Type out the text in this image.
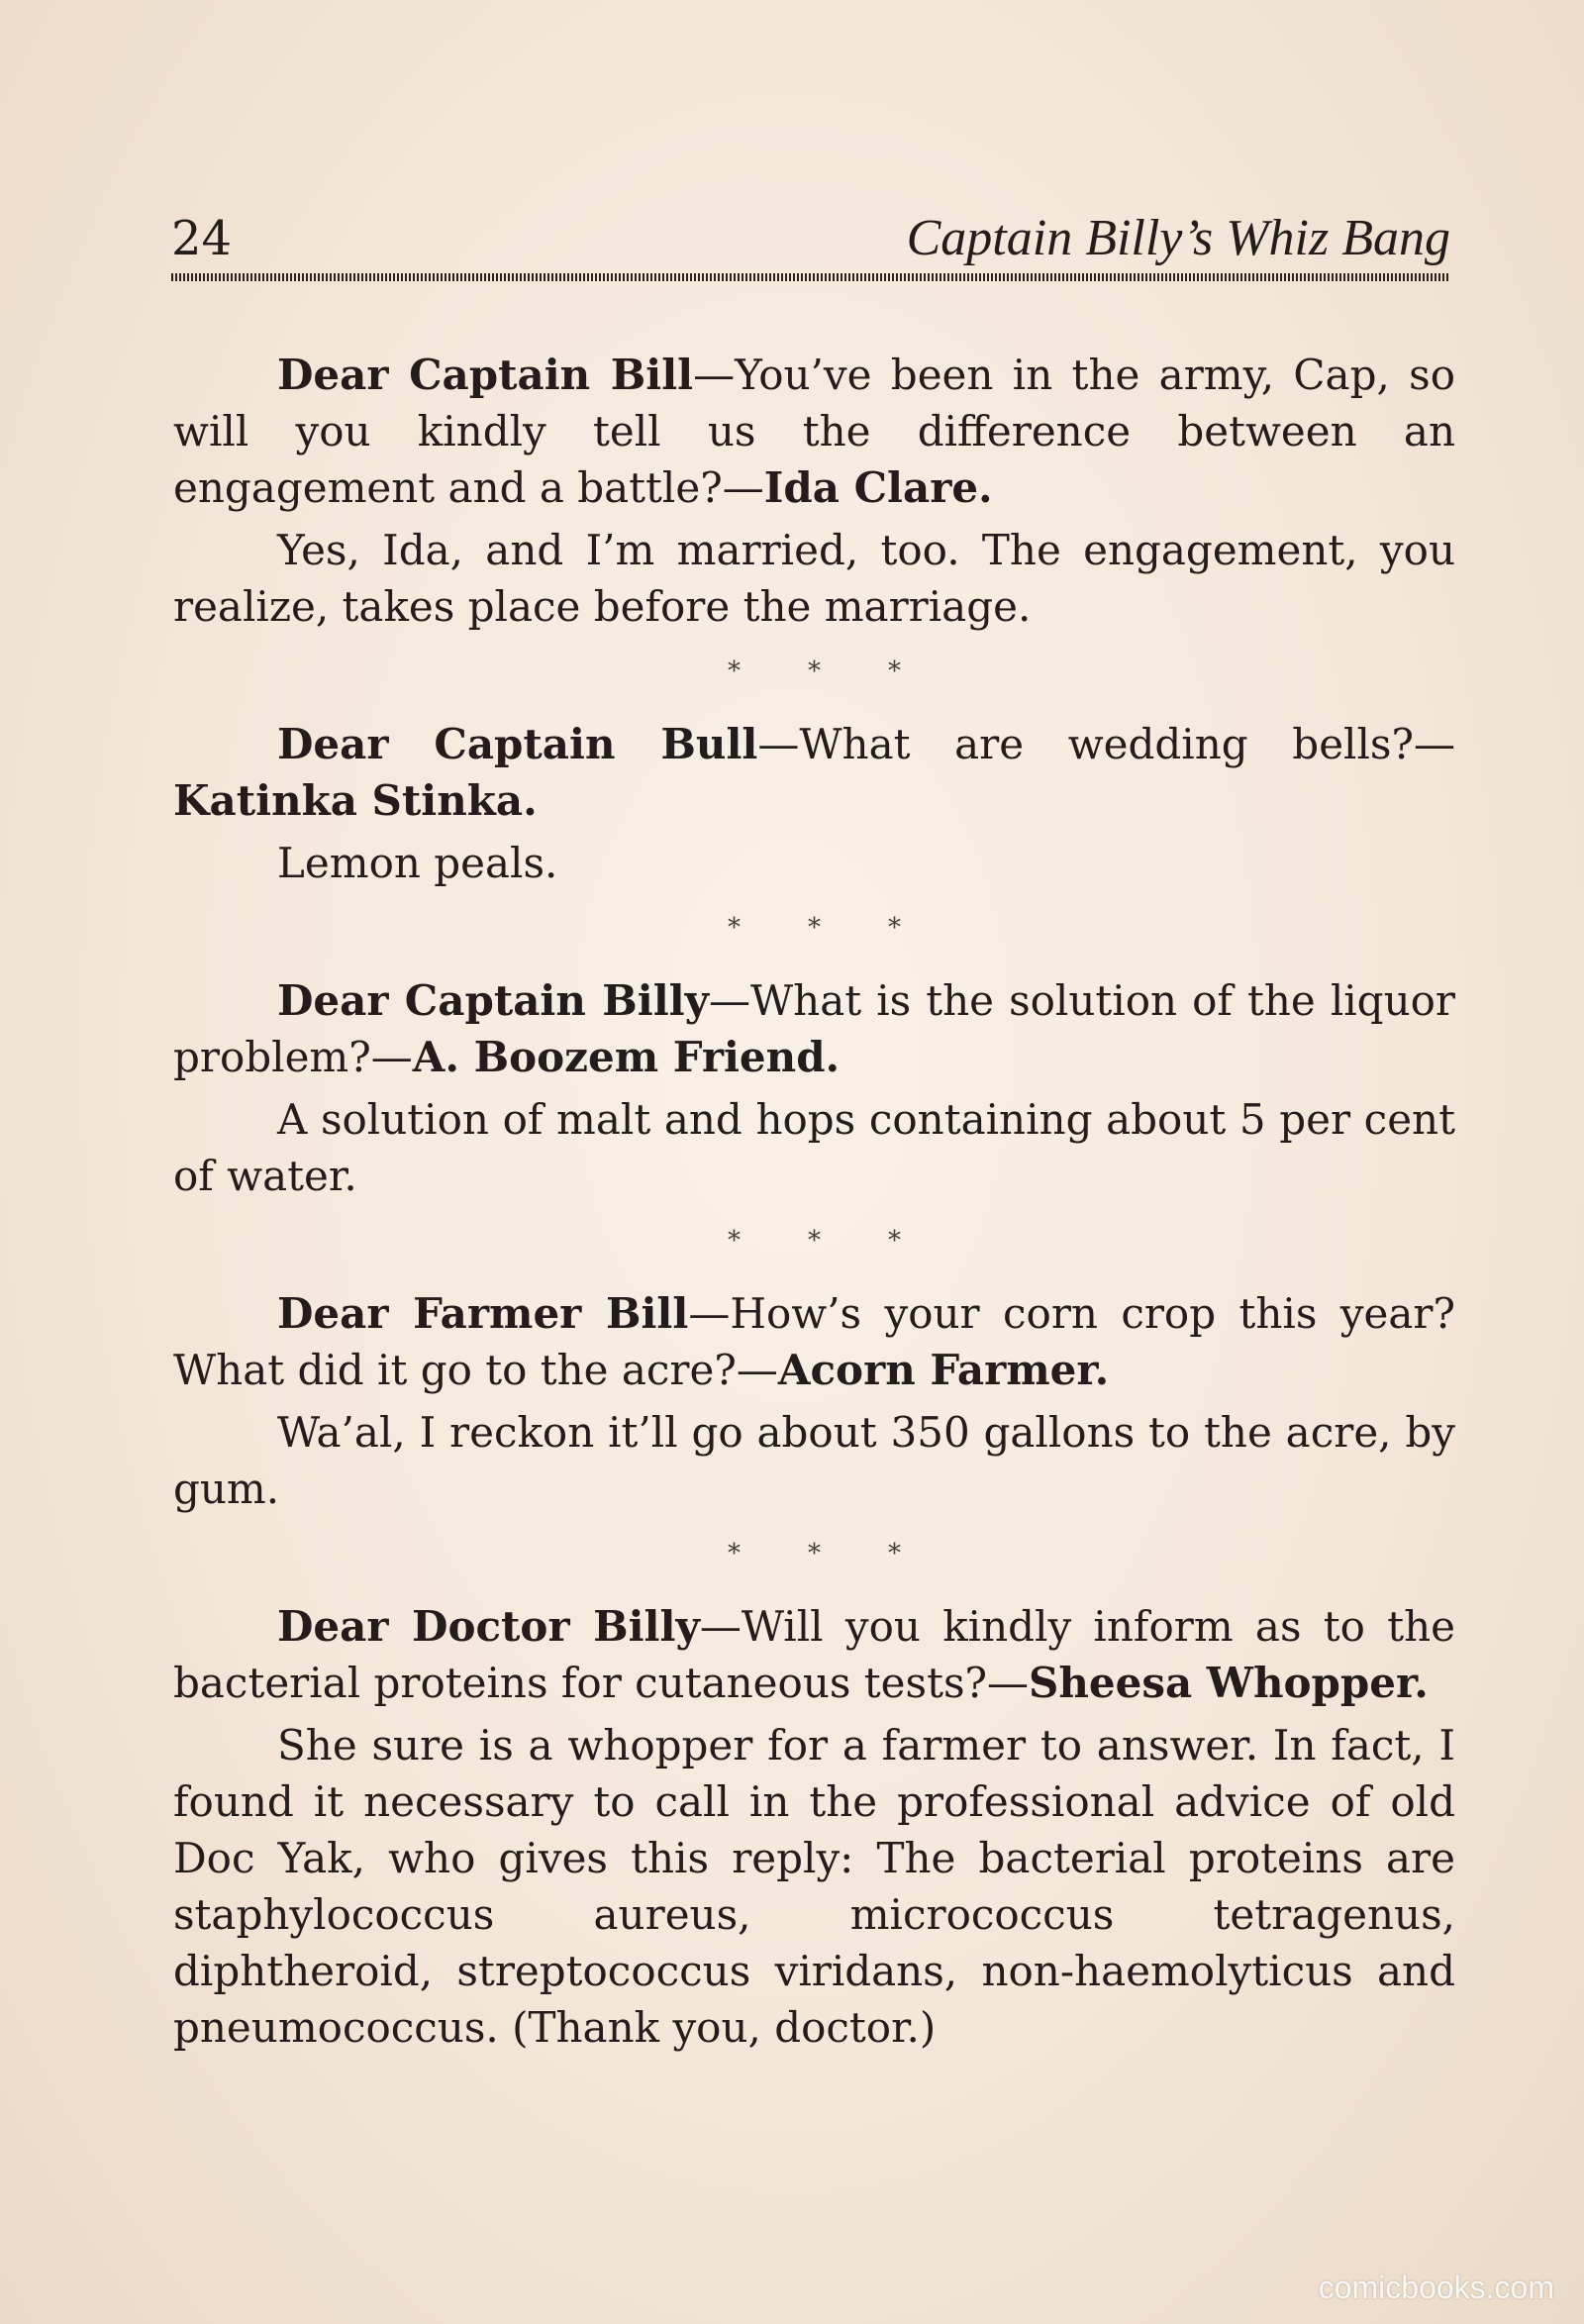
24	Captain Billy’s Whiz Bang

Dear Captain Bill—You’ve been in the army, Cap, so will you kindly tell us the difference between an engagement and a battle?—Ida Clare.

Yes, Ida, and I’m married, too. The engagement, you realize, takes place before the marriage.

*	*	*

Dear Captain Bull—What are wedding bells?— Katinka Stinka.

Lemon peals.

*	*	*

Dear Captain Billy—What is the solution of the liquor problem?—A. Boozem Friend.

A solution of malt and hops containing about 5 per cent of water.

*	*	*

Dear Farmer Bill—How’s your corn crop this year? What did it go to the acre?—Acorn Farmer.

Wa’al, I reckon it’ll go about 350 gallons to the acre, by gum.

*	*	*

Dear Doctor Billy—Will you kindly inform as to the bacterial proteins for cutaneous tests?—Sheesa Whopper.

She sure is a whopper for a farmer to answer. In fact, I found it necessary to call in the professional advice of old Doc Yak, who gives this reply: The bacterial proteins are staphylococcus aureus, micrococcus tetragenus, diphtheroid, streptococcus viridans, non-haemolyticus and pneumococcus. (Thank you, doctor.)

comicbooks.com
